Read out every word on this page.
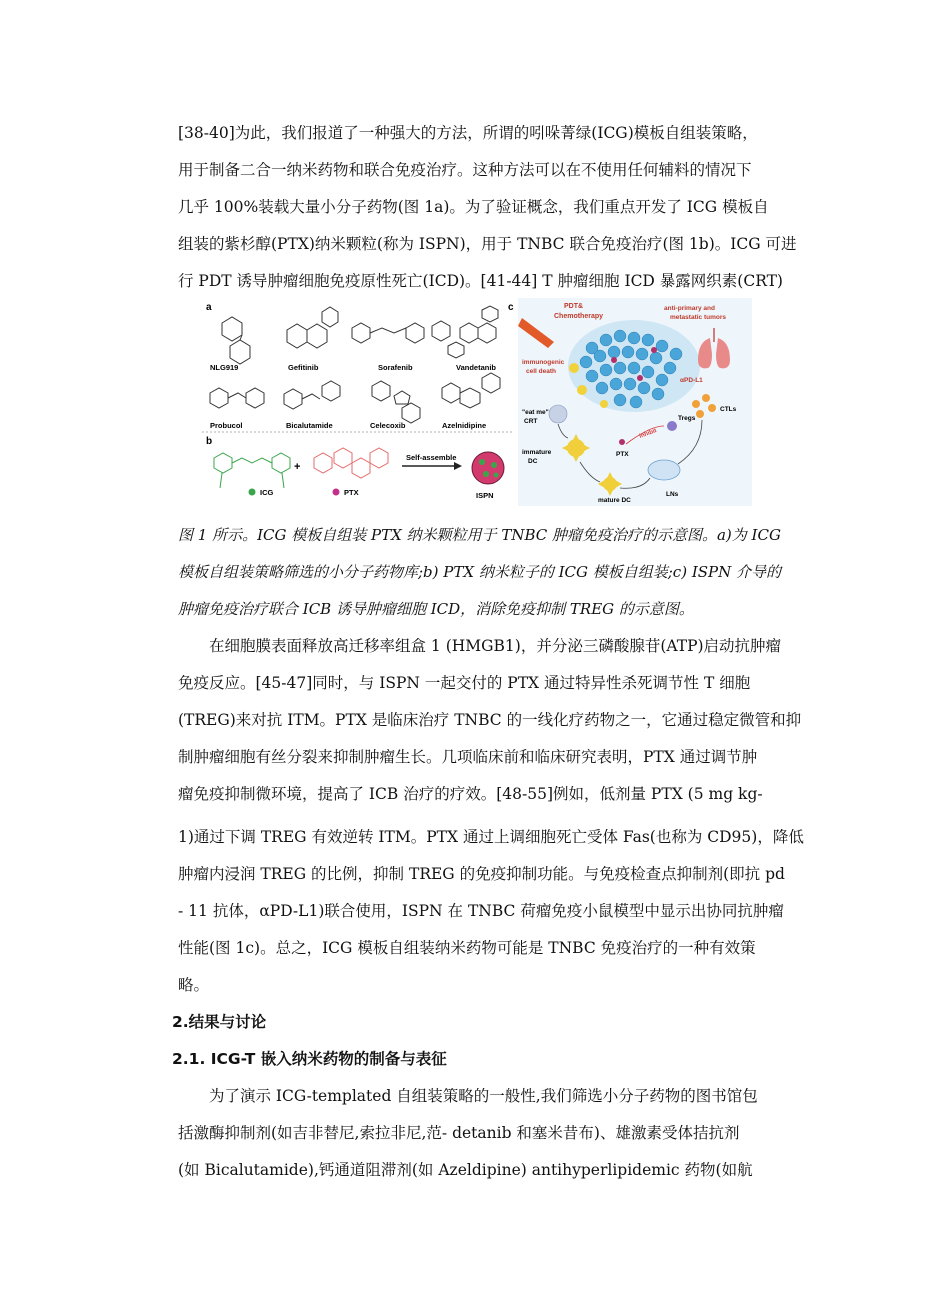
[38-40]为此，我们报道了一种强大的方法，所谓的吲哚菁绿(ICG)模板自组装策略，
用于制备二合一纳米药物和联合免疫治疗。这种方法可以在不使用任何辅料的情况下
几乎 100%装载大量小分子药物(图 1a)。为了验证概念，我们重点开发了 ICG 模板自
组装的紫杉醇(PTX)纳米颗粒(称为 ISPN)，用于 TNBC 联合免疫治疗(图 1b)。ICG 可进
行 PDT 诱导肿瘤细胞免疫原性死亡(ICD)。[41-44] T 肿瘤细胞 ICD 暴露网织素(CRT)
a
NLG919	Gefitinib	Sorafenib	Vandetanib
Probucol	Bicalutamide	Celecoxib	Azelnidipine
b
+
ICG	PTX
Self-assemble
ISPN
c	PDT&
Chemotherapy
anti-primary and
metastatic tumors
immunogenic
cell death
"eat me"
CRT
immature
DC
PTX
inhibit
Tregs
αPD-L1
CTLs
mature DC
LNs
图 1 所示。ICG 模板自组装 PTX 纳米颗粒用于 TNBC 肿瘤免疫治疗的示意图。a)为 ICG
模板自组装策略筛选的小分子药物库;b) PTX 纳米粒子的 ICG 模板自组装;c) ISPN 介导的
肿瘤免疫治疗联合 ICB 诱导肿瘤细胞 ICD，消除免疫抑制 TREG 的示意图。
在细胞膜表面释放高迁移率组盒 1 (HMGB1)，并分泌三磷酸腺苷(ATP)启动抗肿瘤
免疫反应。[45-47]同时，与 ISPN 一起交付的 PTX 通过特异性杀死调节性 T 细胞
(TREG)来对抗 ITM。PTX 是临床治疗 TNBC 的一线化疗药物之一，它通过稳定微管和抑
制肿瘤细胞有丝分裂来抑制肿瘤生长。几项临床前和临床研究表明，PTX 通过调节肿
瘤免疫抑制微环境，提高了 ICB 治疗的疗效。[48-55]例如，低剂量 PTX (5 mg kg-
1)通过下调 TREG 有效逆转 ITM。PTX 通过上调细胞死亡受体 Fas(也称为 CD95)，降低
肿瘤内浸润 TREG 的比例，抑制 TREG 的免疫抑制功能。与免疫检查点抑制剂(即抗 pd
- 11 抗体，αPD-L1)联合使用，ISPN 在 TNBC 荷瘤免疫小鼠模型中显示出协同抗肿瘤
性能(图 1c)。总之，ICG 模板自组装纳米药物可能是 TNBC 免疫治疗的一种有效策
略。
2.结果与讨论
2.1. ICG-T 嵌入纳米药物的制备与表征
为了演示 ICG-templated 自组装策略的一般性,我们筛选小分子药物的图书馆包
括激酶抑制剂(如吉非替尼,索拉非尼,范- detanib 和塞米昔布)、雄激素受体拮抗剂
(如 Bicalutamide),钙通道阻滞剂(如 Azeldipine) antihyperlipidemic 药物(如航
